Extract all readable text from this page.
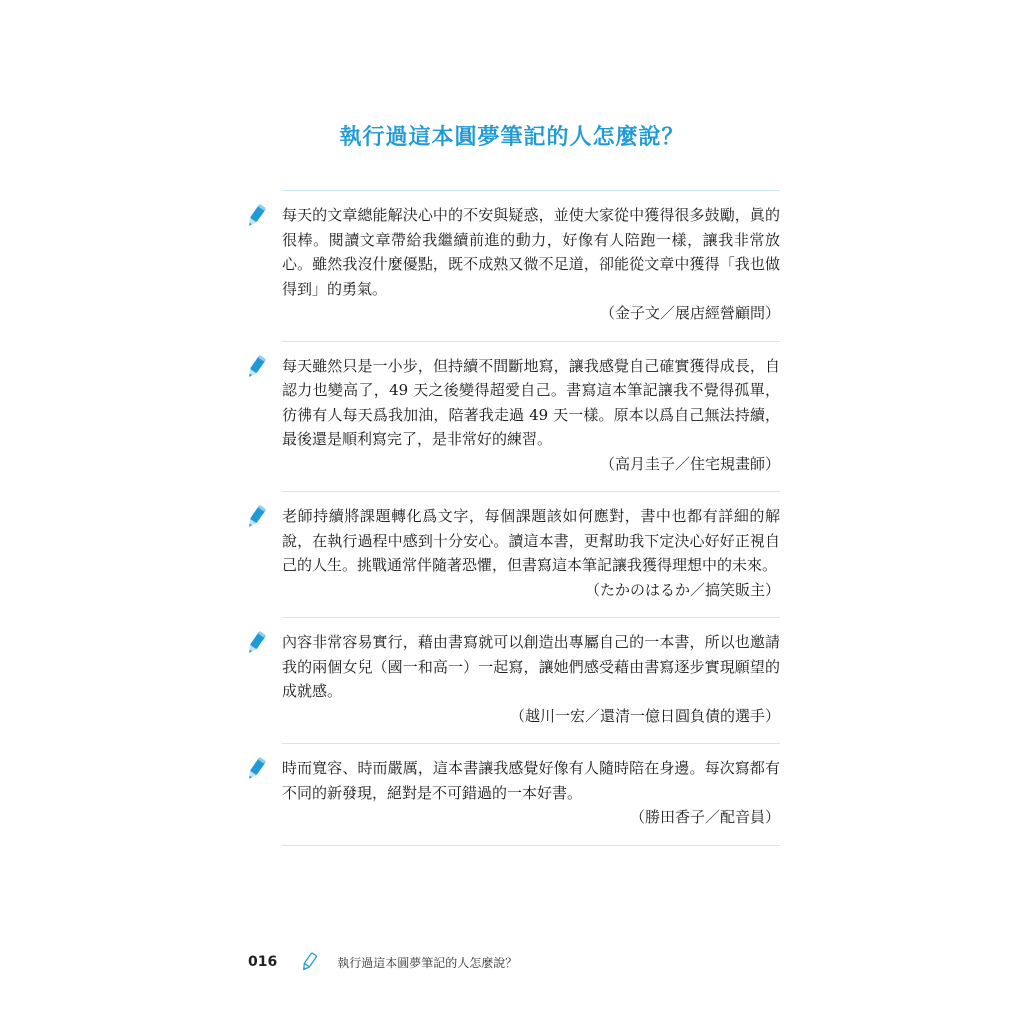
執行過這本圓夢筆記的人怎麼說？
每天的文章總能解決心中的不安與疑惑，並使大家從中獲得很多鼓勵，眞的很棒。閱讀文章帶給我繼續前進的動力，好像有人陪跑一樣，讓我非常放心。雖然我沒什麼優點，既不成熟又微不足道，卻能從文章中獲得「我也做得到」的勇氣。
（金子文／展店經營顧問）
每天雖然只是一小步，但持續不間斷地寫，讓我感覺自己確實獲得成長，自認力也變高了，49 天之後變得超愛自己。書寫這本筆記讓我不覺得孤單，彷彿有人每天爲我加油，陪著我走過 49 天一樣。原本以爲自己無法持續，最後還是順利寫完了，是非常好的練習。
（高月圭子／住宅規畫師）
老師持續將課題轉化爲文字，每個課題該如何應對，書中也都有詳細的解說，在執行過程中感到十分安心。讀這本書，更幫助我下定決心好好正視自己的人生。挑戰通常伴隨著恐懼，但書寫這本筆記讓我獲得理想中的未來。
（たかのはるか／搞笑販主）
內容非常容易實行，藉由書寫就可以創造出專屬自己的一本書，所以也邀請我的兩個女兒（國一和高一）一起寫，讓她們感受藉由書寫逐步實現願望的成就感。
（越川一宏／還清一億日圓負債的選手）
時而寬容、時而嚴厲，這本書讓我感覺好像有人隨時陪在身邊。每次寫都有不同的新發現，絕對是不可錯過的一本好書。
（勝田香子／配音員）
016	執行過這本圓夢筆記的人怎麼說？
